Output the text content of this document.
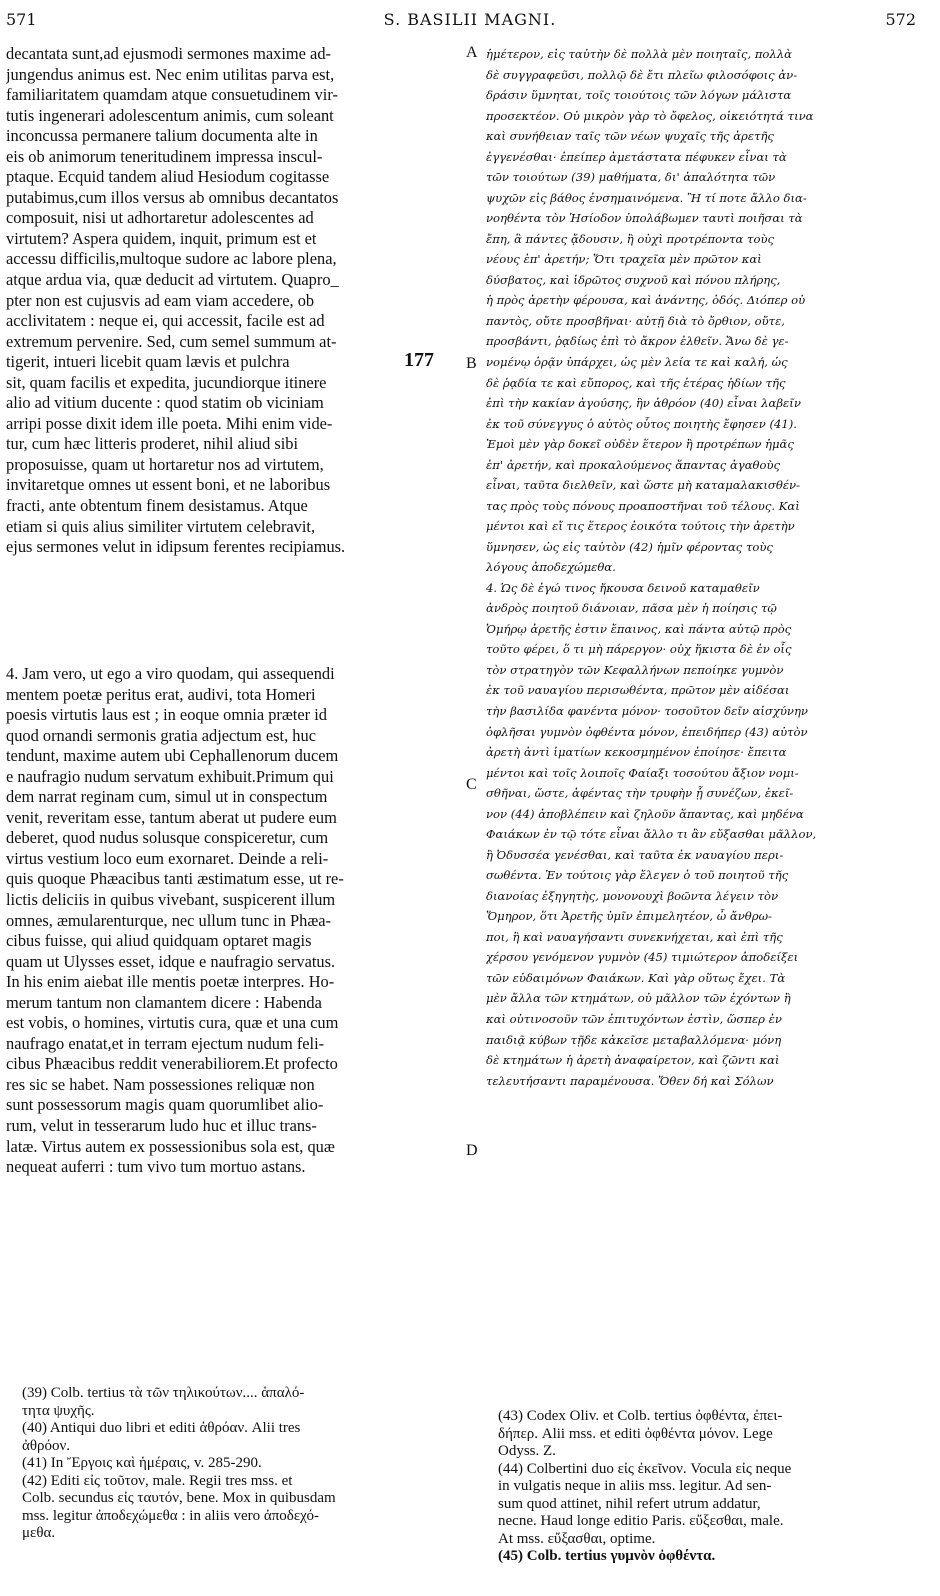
571	S. BASILII MAGNI.	572
decantata sunt,ad ejusmodi sermones maxime ad-
jungendus animus est. Nec enim utilitas parva est,
familiaritatem quamdam atque consuetudinem vir-
tutis ingenerari adolescentum animis, cum soleant
inconcussa permanere talium documenta alte in
eis ob animorum teneritudinem impressa inscul-
ptaque. Ecquid tandem aliud Hesiodum cogitasse
putabimus,cum illos versus ab omnibus decantatos
composuit, nisi ut adhortaretur adolescentes ad
virtutem? Aspera quidem, inquit, primum est et
accessu difficilis,multoque sudore ac labore plena,
atque ardua via, quæ deducit ad virtutem. Quapro_
pter non est cujusvis ad eam viam accedere, ob
acclivitatem : neque ei, qui accessit, facile est ad
extremum pervenire. Sed, cum semel summum at-
tigerit, intueri licebit quam lævis et pulchra
sit, quam facilis et expedita, jucundiorque itinere
alio ad vitium ducente : quod statim ob viciniam
arripi posse dixit idem ille poeta. Mihi enim vide-
tur, cum hæc litteris proderet, nihil aliud sibi
proposuisse, quam ut hortaretur nos ad virtutem,
invitaretque omnes ut essent boni, et ne laboribus
fracti, ante obtentum finem desistamus. Atque
etiam si quis alius similiter virtutem celebravit,
ejus sermones velut in idipsum ferentes recipiamus.
4. Jam vero, ut ego a viro quodam, qui assequendi
mentem poetæ peritus erat, audivi, tota Homeri
poesis virtutis laus est ; in eoque omnia præter id
quod ornandi sermonis gratia adjectum est, huc
tendunt, maxime autem ubi Cephallenorum ducem
e naufragio nudum servatum exhibuit.Primum qui
dem narrat reginam cum, simul ut in conspectum
venit, reveritam esse, tantum aberat ut pudere eum
deberet, quod nudus solusque conspiceretur, cum
virtus vestium loco eum exornaret. Deinde a reli-
quis quoque Phæacibus tanti æstimatum esse, ut re-
lictis deliciis in quibus vivebant, suspicerent illum
omnes, æmularenturque, nec ullum tunc in Phæa-
cibus fuisse, qui aliud quidquam optaret magis
quam ut Ulysses esset, idque e naufragio servatus.
In his enim aiebat ille mentis poetæ interpres. Ho-
merum tantum non clamantem dicere : Habenda
est vobis, o homines, virtutis cura, quæ et una cum
naufrago enatat,et in terram ejectum nudum feli-
cibus Phæacibus reddit venerabiliorem.Et profecto
res sic se habet. Nam possessiones reliquæ non
sunt possessorum magis quam quorumlibet alio-
rum, velut in tesserarum ludo huc et illuc trans-
latæ. Virtus autem ex possessionibus sola est, quæ
nequeat auferri : tum vivo tum mortuo astans.
ἡμέτερον, εἰς ταὐτὴν δὲ πολλὰ μὲν ποιηταῖς, πολλὰ
δὲ συγγραφεῦσι, πολλῷ δὲ ἔτι πλεῖω φιλοσόφοις ἀν-
δράσιν ὕμνηται, τοῖς τοιούτοις τῶν λόγων μάλιστα
προσεκτέον. Οὐ μικρὸν γὰρ τὸ ὄφελος, οἰκειότητά τινα
καὶ συνήθειαν ταῖς τῶν νέων ψυχαῖς τῆς ἀρετῆς
ἐγγενέσθαι· ἐπείπερ ἀμετάστατα πέφυκεν εἶναι τὰ
τῶν τοιούτων (39) μαθήματα, δι' ἁπαλότητα τῶν
ψυχῶν εἰς βάθος ἐνσημαινόμενα. Ἢ τί ποτε ἄλλο δια-
νοηθέντα τὸν Ἡσίοδον ὑπολάβωμεν ταυτὶ ποιῆσαι τὰ
ἔπη, ἃ πάντες ᾄδουσιν, ἢ οὐχὶ προτρέποντα τοὺς
νέους ἐπ' ἀρετήν; Ὅτι τραχεῖα μὲν πρῶτον καὶ
δύσβατος, καὶ ἱδρῶτος συχνοῦ καὶ πόνου πλήρης,
ἡ πρὸς ἀρετὴν φέρουσα, καὶ ἀνάντης, ὁδός. Διόπερ οὐ
παντὸς, οὔτε προσβῆναι· αὐτῇ διὰ τὸ ὄρθιον, οὔτε,
προσβάντι, ῥᾳδίως ἐπὶ τὸ ἄκρον ἐλθεῖν. Ἄνω δὲ γε-
νομένῳ ὁρᾷν ὑπάρχει, ὡς μὲν λεία τε καὶ καλή, ὡς
δὲ ῥᾳδία τε καὶ εὔπορος, καὶ τῆς ἑτέρας ἡδίων τῆς
ἐπὶ τὴν κακίαν ἀγούσης, ἣν ἀθρόον (40) εἶναι λαβεῖν
ἐκ τοῦ σύνεγγυς ὁ αὐτὸς οὗτος ποιητὴς ἔφησεν (41).
Ἐμοὶ μὲν γὰρ δοκεῖ οὐδὲν ἕτερον ἢ προτρέπων ἡμᾶς
ἐπ' ἀρετήν, καὶ προκαλούμενος ἅπαντας ἀγαθοὺς
εἶναι, ταῦτα διελθεῖν, καὶ ὥστε μὴ καταμαλακισθέν-
τας πρὸς τοὺς πόνους προαποστῆναι τοῦ τέλους. Καὶ
μέντοι καὶ εἴ τις ἕτερος ἐοικότα τούτοις τὴν ἀρετὴν
ὕμνησεν, ὡς εἰς ταὐτὸν (42) ἡμῖν φέροντας τοὺς
λόγους ἀποδεχώμεθα.
4. Ὡς δὲ ἐγώ τινος ἤκουσα δεινοῦ καταμαθεῖν
ἀνδρὸς ποιητοῦ διάνοιαν, πᾶσα μὲν ἡ ποίησις τῷ
Ὁμήρῳ ἀρετῆς ἐστιν ἔπαινος, καὶ πάντα αὐτῷ πρὸς
τοῦτο φέρει, ὅ τι μὴ πάρεργον· οὐχ ἥκιστα δὲ ἐν οἷς
τὸν στρατηγὸν τῶν Κεφαλλήνων πεποίηκε γυμνὸν
ἐκ τοῦ ναυαγίου περισωθέντα, πρῶτον μὲν αἰδέσαι
τὴν βασιλίδα φανέντα μόνον· τοσοῦτον δεῖν αἰσχύνην
ὀφλῆσαι γυμνὸν ὀφθέντα μόνον, ἐπειδήπερ (43) αὐτὸν
ἀρετὴ ἀντὶ ἱματίων κεκοσμημένον ἐποίησε· ἔπειτα
μέντοι καὶ τοῖς λοιποῖς Φαίαξι τοσούτου ἄξιον νομι-
σθῆναι, ὥστε, ἀφέντας τὴν τρυφὴν ᾗ συνέζων, ἐκεῖ-
νον (44) ἀποβλέπειν καὶ ζηλοῦν ἅπαντας, καὶ μηδένα
Φαιάκων ἐν τῷ τότε εἶναι ἄλλο τι ἂν εὔξασθαι μᾶλλον,
ἢ Ὀδυσσέα γενέσθαι, καὶ ταῦτα ἐκ ναυαγίου περι-
σωθέντα. Ἐν τούτοις γὰρ ἔλεγεν ὁ τοῦ ποιητοῦ τῆς
διανοίας ἐξηγητὴς, μονονουχὶ βοῶντα λέγειν τὸν
Ὅμηρον, ὅτι Ἀρετῆς ὑμῖν ἐπιμελητέον, ὦ ἄνθρω-
ποι, ἣ καὶ ναυαγήσαντι συνεκνήχεται, καὶ ἐπὶ τῆς
χέρσου γενόμενον γυμνὸν (45) τιμιώτερον ἀποδείξει
τῶν εὐδαιμόνων Φαιάκων. Καὶ γὰρ οὕτως ἔχει. Τὰ
μὲν ἄλλα τῶν κτημάτων, οὐ μᾶλλον τῶν ἐχόντων ἢ
καὶ οὑτινοσοῦν τῶν ἐπιτυχόντων ἐστὶν, ὥσπερ ἐν
παιδιᾷ κύβων τῇδε κἀκεῖσε μεταβαλλόμενα· μόνη
δὲ κτημάτων ἡ ἀρετὴ ἀναφαίρετον, καὶ ζῶντι καὶ
τελευτήσαντι παραμένουσα. Ὅθεν δή καὶ Σόλων
A
B
C
D
177
(39) Colb. tertius τὰ τῶν τηλικούτων.... ἁπαλό-
τητα ψυχῆς.
(40) Antiqui duo libri et editi ἀθρόαν. Alii tres
ἀθρόον.
(41) In Ἔργοις καὶ ἡμέραις, v. 285-290.
(42) Editi εἰς τοῦτον, male. Regii tres mss. et
Colb. secundus εἰς ταυτόν, bene. Mox in quibusdam
mss. legitur ἀποδεχώμεθα : in aliis vero ἀποδεχό-
μεθα.
(43) Codex Oliv. et Colb. tertius ὀφθέντα, ἐπει-
δήπερ. Alii mss. et editi ὀφθέντα μόνον. Lege
Odyss. Z.
(44) Colbertini duo εἰς ἐκεῖνον. Vocula εἰς neque
in vulgatis neque in aliis mss. legitur. Ad sen-
sum quod attinet, nihil refert utrum addatur,
necne. Haud longe editio Paris. εὔξεσθαι, male.
At mss. εὔξασθαι, optime.
(45) Colb. tertius γυμνὸν ὀφθέντα.
